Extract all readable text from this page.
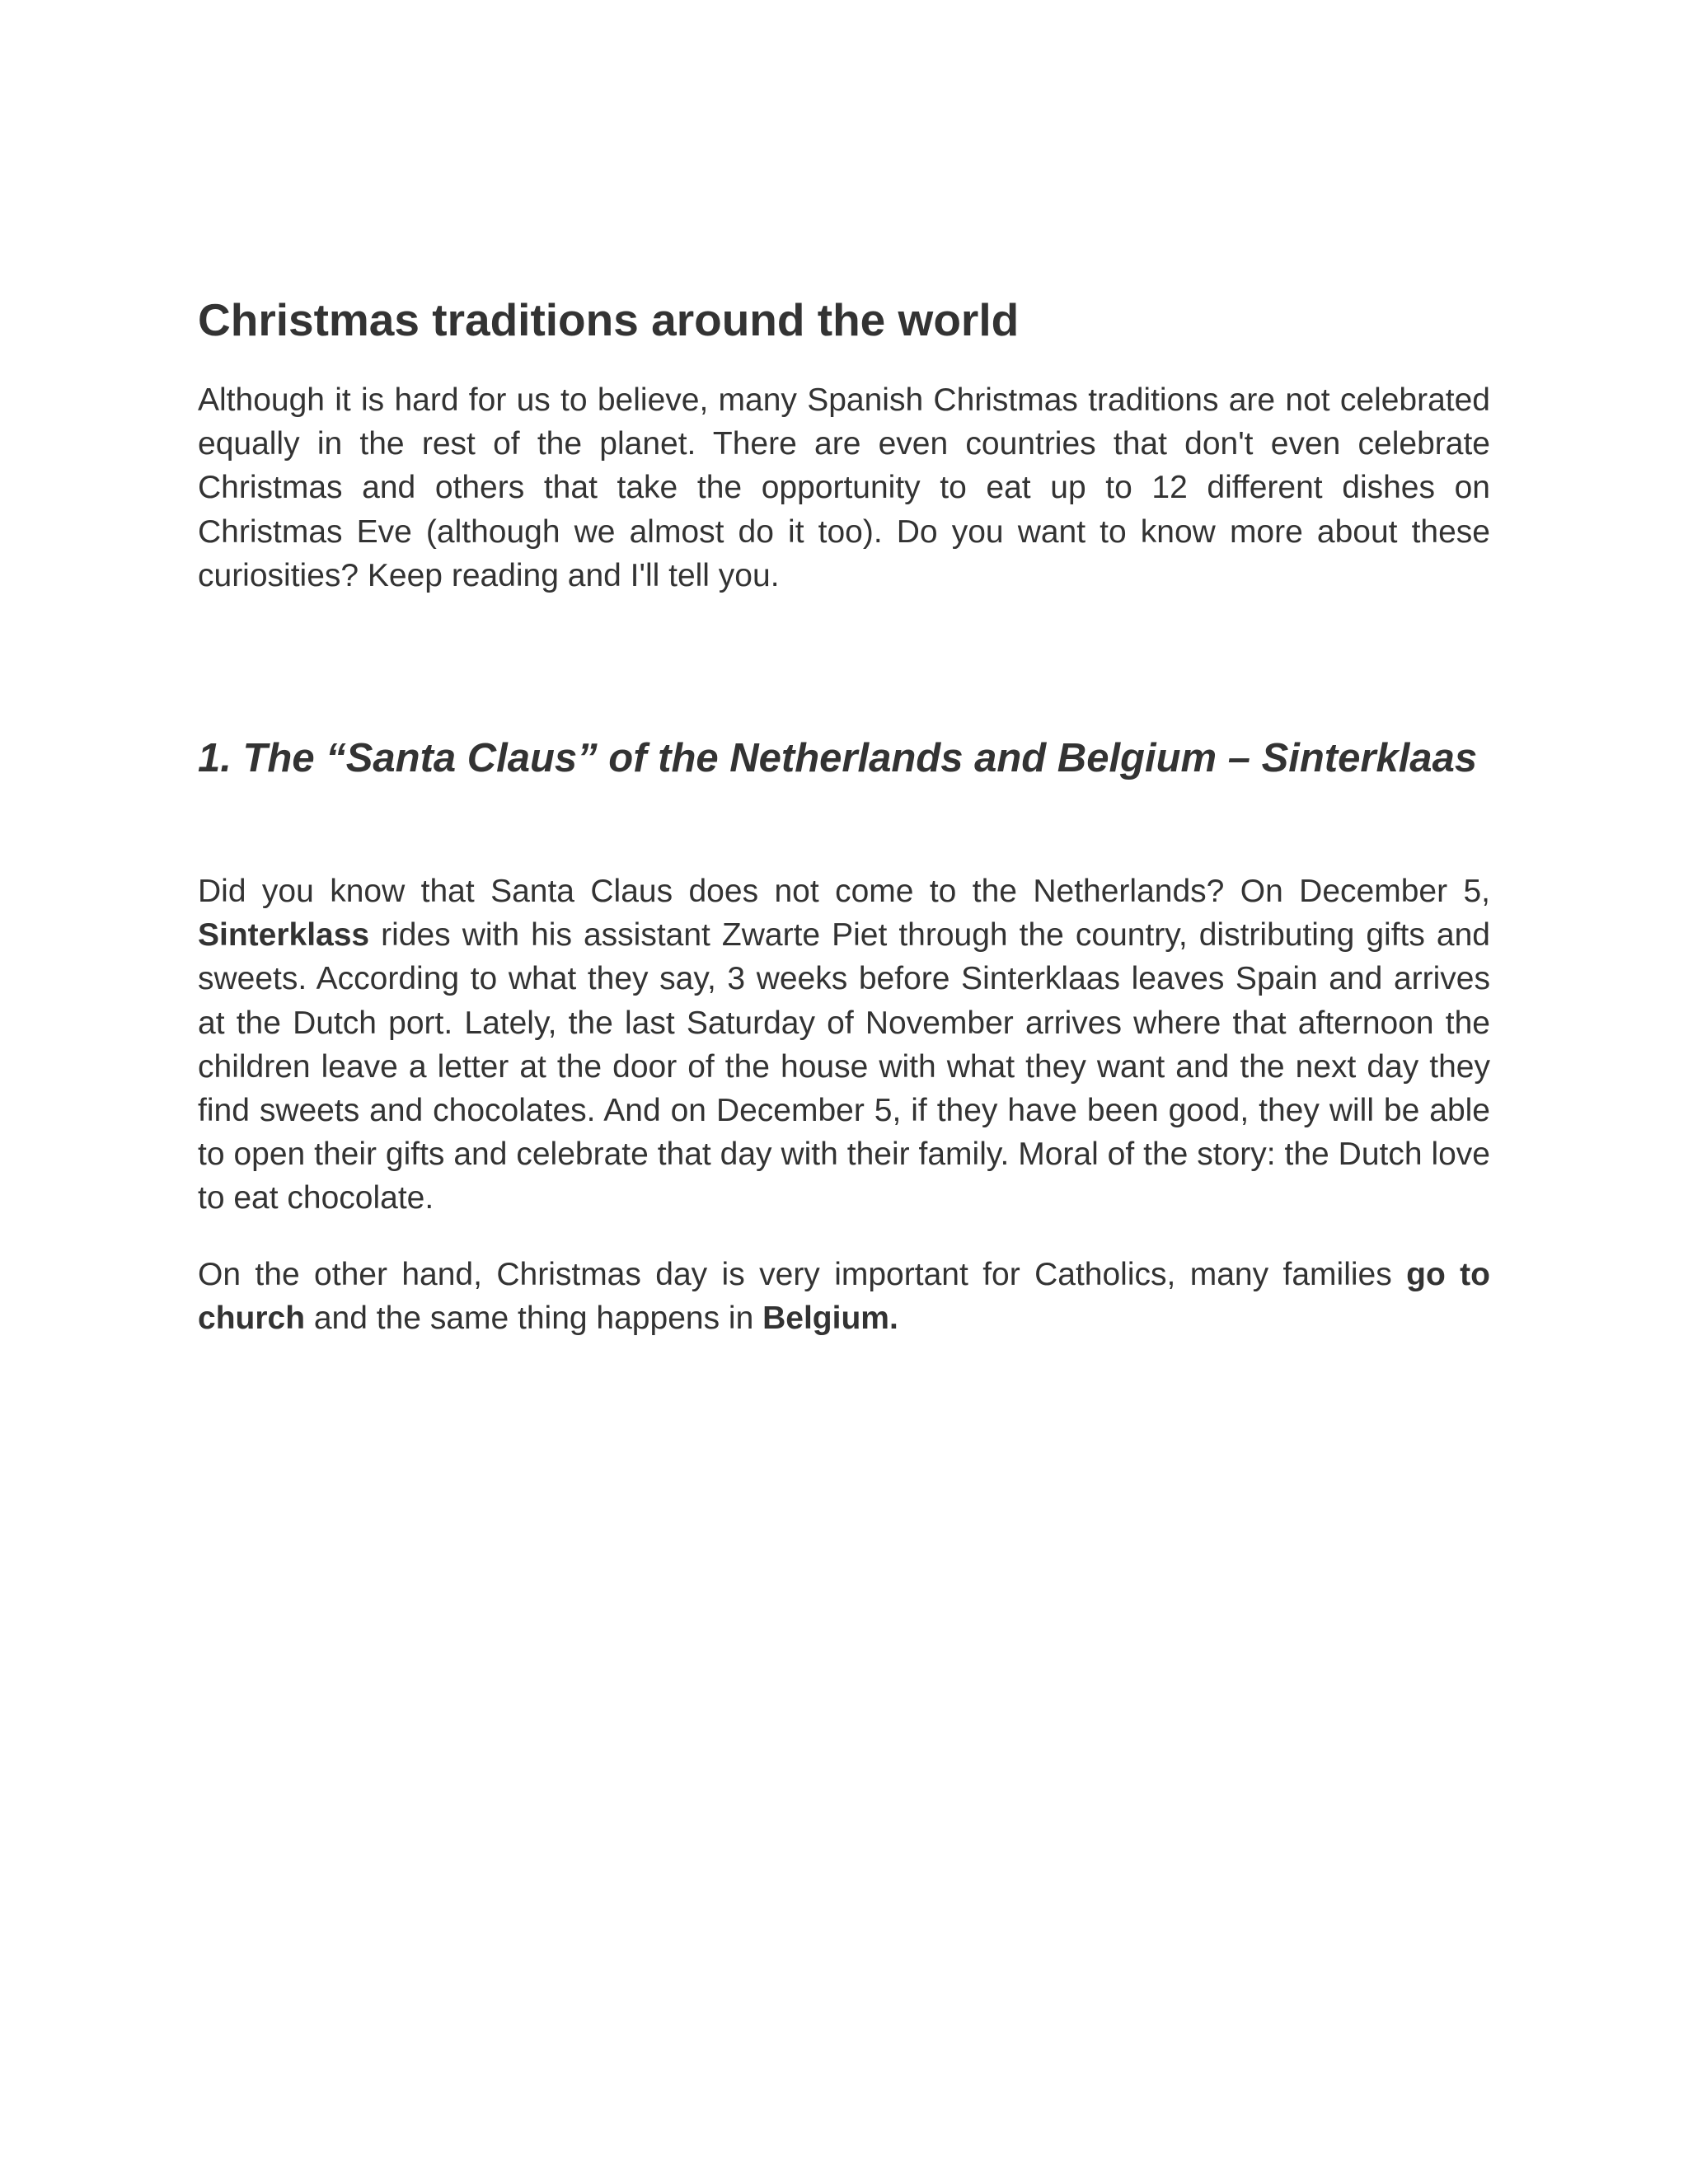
Christmas traditions around the world

Although it is hard for us to believe, many Spanish Christmas traditions are not celebrated equally in the rest of the planet. There are even countries that don't even celebrate Christmas and others that take the opportunity to eat up to 12 different dishes on Christmas Eve (although we almost do it too). Do you want to know more about these curiosities? Keep reading and I'll tell you.

1. The “Santa Claus” of the Netherlands and Belgium – Sinterklaas

Did you know that Santa Claus does not come to the Netherlands? On December 5, Sinterklass rides with his assistant Zwarte Piet through the country, distributing gifts and sweets. According to what they say, 3 weeks before Sinterklaas leaves Spain and arrives at the Dutch port. Lately, the last Saturday of November arrives where that afternoon the children leave a letter at the door of the house with what they want and the next day they find sweets and chocolates. And on December 5, if they have been good, they will be able to open their gifts and celebrate that day with their family. Moral of the story: the Dutch love to eat chocolate.

On the other hand, Christmas day is very important for Catholics, many families go to church and the same thing happens in Belgium.
